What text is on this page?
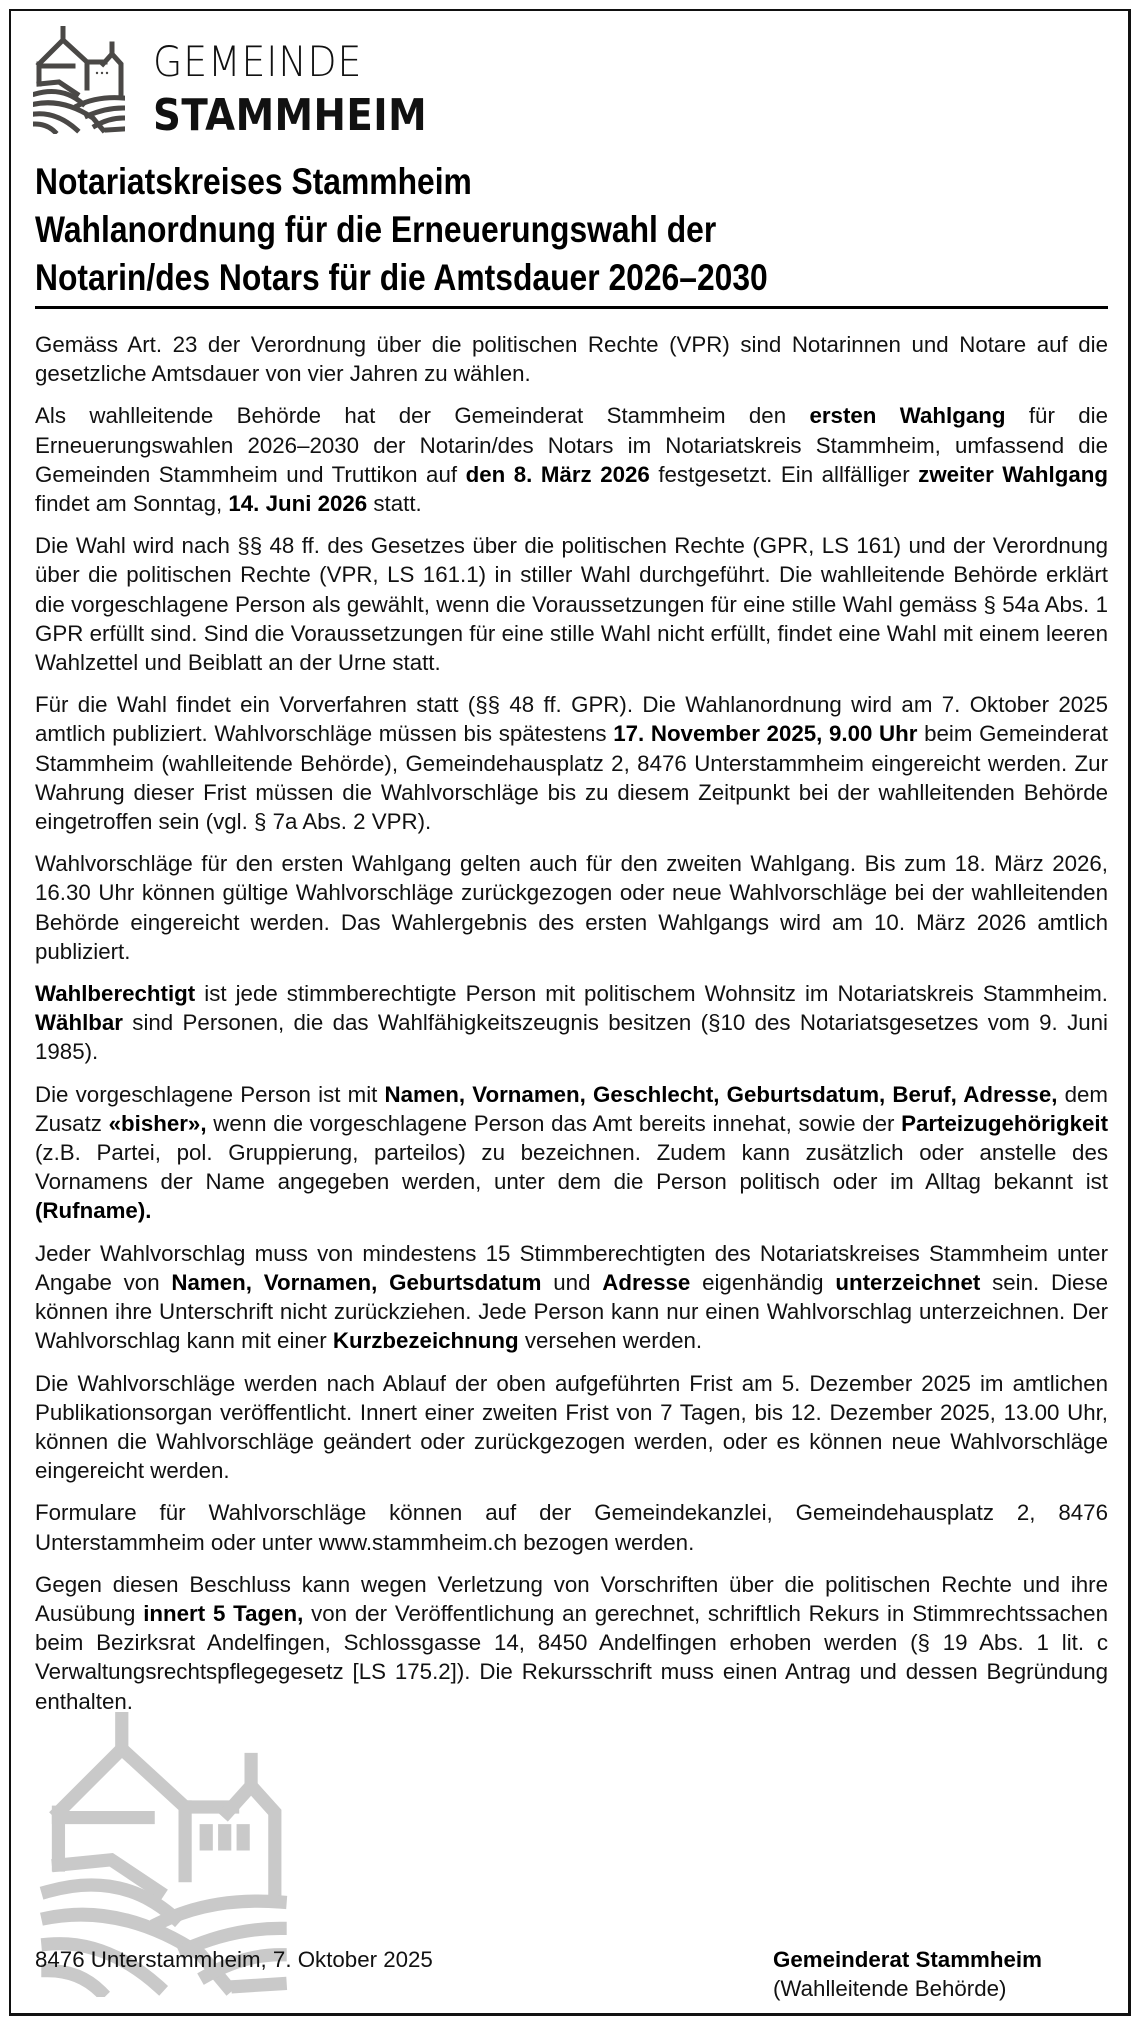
GEMEINDE
STAMMHEIM
Notariatskreises Stammheim
Wahlanordnung für die Erneuerungswahl der
Notarin/des Notars für die Amtsdauer 2026–2030

Gemäss Art. 23 der Verordnung über die politischen Rechte (VPR) sind Notarinnen und Notare auf die gesetzliche Amtsdauer von vier Jahren zu wählen.

Als wahlleitende Behörde hat der Gemeinderat Stammheim den ersten Wahlgang für die Erneuerungswahlen 2026–2030 der Notarin/des Notars im Notariatskreis Stammheim, umfassend die Gemeinden Stammheim und Truttikon auf den 8. März 2026 festgesetzt. Ein allfälliger zweiter Wahlgang findet am Sonntag, 14. Juni 2026 statt.

Die Wahl wird nach §§ 48 ff. des Gesetzes über die politischen Rechte (GPR, LS 161) und der Verordnung über die politischen Rechte (VPR, LS 161.1) in stiller Wahl durchgeführt. Die wahlleitende Behörde erklärt die vorgeschlagene Person als gewählt, wenn die Voraussetzungen für eine stille Wahl gemäss § 54a Abs. 1 GPR erfüllt sind. Sind die Voraussetzungen für eine stille Wahl nicht erfüllt, findet eine Wahl mit einem leeren Wahlzettel und Beiblatt an der Urne statt.

Für die Wahl findet ein Vorverfahren statt (§§ 48 ff. GPR). Die Wahlanordnung wird am 7. Oktober 2025 amtlich publiziert. Wahlvorschläge müssen bis spätestens 17. November 2025, 9.00 Uhr beim Gemeinderat Stammheim (wahlleitende Behörde), Gemeindehausplatz 2, 8476 Unterstammheim eingereicht werden. Zur Wahrung dieser Frist müssen die Wahlvorschläge bis zu diesem Zeitpunkt bei der wahlleitenden Behörde eingetroffen sein (vgl. § 7a Abs. 2 VPR).

Wahlvorschläge für den ersten Wahlgang gelten auch für den zweiten Wahlgang. Bis zum 18. März 2026, 16.30 Uhr können gültige Wahlvorschläge zurückgezogen oder neue Wahlvorschläge bei der wahlleitenden Behörde eingereicht werden. Das Wahlergebnis des ersten Wahlgangs wird am 10. März 2026 amtlich publiziert.

Wahlberechtigt ist jede stimmberechtigte Person mit politischem Wohnsitz im Notariatskreis Stammheim. Wählbar sind Personen, die das Wahlfähigkeitszeugnis besitzen (§10 des Notariatsgesetzes vom 9. Juni 1985).

Die vorgeschlagene Person ist mit Namen, Vornamen, Geschlecht, Geburtsdatum, Beruf, Adresse, dem Zusatz «bisher», wenn die vorgeschlagene Person das Amt bereits innehat, sowie der Parteizugehörigkeit (z.B. Partei, pol. Gruppierung, parteilos) zu bezeichnen. Zudem kann zusätzlich oder anstelle des Vornamens der Name angegeben werden, unter dem die Person politisch oder im Alltag bekannt ist (Rufname).

Jeder Wahlvorschlag muss von mindestens 15 Stimmberechtigten des Notariatskreises Stammheim unter Angabe von Namen, Vornamen, Geburtsdatum und Adresse eigenhändig unterzeichnet sein. Diese können ihre Unterschrift nicht zurückziehen. Jede Person kann nur einen Wahlvorschlag unterzeichnen. Der Wahlvorschlag kann mit einer Kurzbezeichnung versehen werden.

Die Wahlvorschläge werden nach Ablauf der oben aufgeführten Frist am 5. Dezember 2025 im amtlichen Publikationsorgan veröffentlicht. Innert einer zweiten Frist von 7 Tagen, bis 12. Dezember 2025, 13.00 Uhr, können die Wahlvorschläge geändert oder zurückgezogen werden, oder es können neue Wahlvorschläge eingereicht werden.

Formulare für Wahlvorschläge können auf der Gemeindekanzlei, Gemeindehausplatz 2, 8476 Unterstammheim oder unter www.stammheim.ch bezogen werden.

Gegen diesen Beschluss kann wegen Verletzung von Vorschriften über die politischen Rechte und ihre Ausübung innert 5 Tagen, von der Veröffentlichung an gerechnet, schriftlich Rekurs in Stimmrechtssachen beim Bezirksrat Andelfingen, Schlossgasse 14, 8450 Andelfingen erhoben werden (§ 19 Abs. 1 lit. c Verwaltungsrechtspflegegesetz [LS 175.2]). Die Rekursschrift muss einen Antrag und dessen Begründung enthalten.

8476 Unterstammheim, 7. Oktober 2025	Gemeinderat Stammheim
(Wahlleitende Behörde)
